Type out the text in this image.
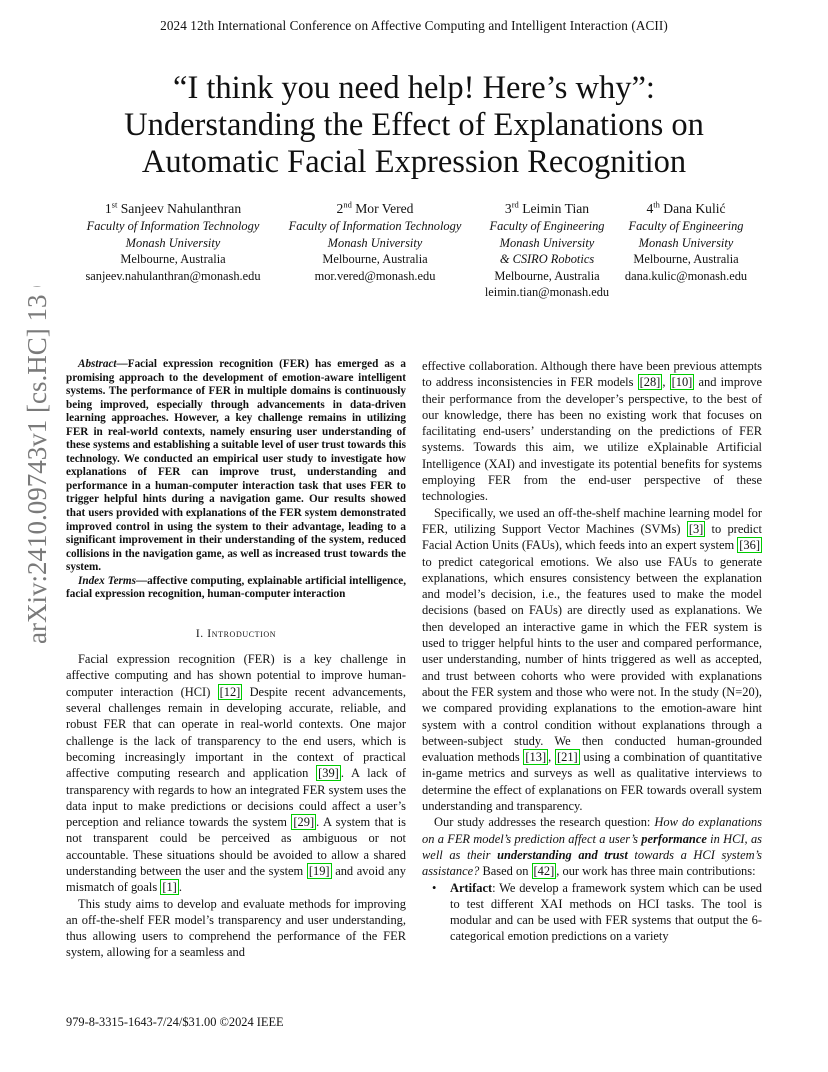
2024 12th International Conference on Affective Computing and Intelligent Interaction (ACII)
arXiv:2410.09743v1 [cs.HC] 13 Oct 2024
“I think you need help! Here’s why”:
Understanding the Effect of Explanations on
Automatic Facial Expression Recognition
1st Sanjeev Nahulanthran
Faculty of Information Technology
Monash University
Melbourne, Australia
sanjeev.nahulanthran@monash.edu
2nd Mor Vered
Faculty of Information Technology
Monash University
Melbourne, Australia
mor.vered@monash.edu
3rd Leimin Tian
Faculty of Engineering
Monash University
& CSIRO Robotics
Melbourne, Australia
leimin.tian@monash.edu
4th Dana Kulić
Faculty of Engineering
Monash University
Melbourne, Australia
dana.kulic@monash.edu

Abstract—Facial expression recognition (FER) has emerged as a promising approach to the development of emotion-aware intelligent systems. The performance of FER in multiple domains is continuously being improved, especially through advancements in data-driven learning approaches. However, a key challenge remains in utilizing FER in real-world contexts, namely ensuring user understanding of these systems and establishing a suitable level of user trust towards this technology. We conducted an empirical user study to investigate how explanations of FER can improve trust, understanding and performance in a human-computer interaction task that uses FER to trigger helpful hints during a navigation game. Our results showed that users provided with explanations of the FER system demonstrated improved control in using the system to their advantage, leading to a significant improvement in their understanding of the system, reduced collisions in the navigation game, as well as increased trust towards the system.

Index Terms—affective computing, explainable artificial intelligence, facial expression recognition, human-computer interaction
I. Introduction

Facial expression recognition (FER) is a key challenge in affective computing and has shown potential to improve human-computer interaction (HCI) [12] Despite recent advancements, several challenges remain in developing accurate, reliable, and robust FER that can operate in real-world contexts. One major challenge is the lack of transparency to the end users, which is becoming increasingly important in the context of practical affective computing research and application [39] . A lack of transparency with regards to how an integrated FER system uses the data input to make predictions or decisions could affect a user’s perception and reliance towards the system [29] . A system that is not transparent could be perceived as ambiguous or not accountable. These situations should be avoided to allow a shared understanding between the user and the system [19] and avoid any mismatch of goals [1] .

This study aims to develop and evaluate methods for improving an off-the-shelf FER model’s transparency and user understanding, thus allowing users to comprehend the performance of the FER system, allowing for a seamless and

effective collaboration. Although there have been previous attempts to address inconsistencies in FER models [28] , [10] and improve their performance from the developer’s perspective, to the best of our knowledge, there has been no existing work that focuses on facilitating end-users’ understanding on the predictions of FER systems. Towards this aim, we utilize eXplainable Artificial Intelligence (XAI) and investigate its potential benefits for systems employing FER from the end-user perspective of these technologies.

Specifically, we used an off-the-shelf machine learning model for FER, utilizing Support Vector Machines (SVMs) [3] to predict Facial Action Units (FAUs), which feeds into an expert system [36] to predict categorical emotions. We also use FAUs to generate explanations, which ensures consistency between the explanation and model’s decision, i.e., the features used to make the model decisions (based on FAUs) are directly used as explanations. We then developed an interactive game in which the FER system is used to trigger helpful hints to the user and compared performance, user understanding, number of hints triggered as well as accepted, and trust between cohorts who were provided with explanations about the FER system and those who were not. In the study (N=20), we compared providing explanations to the emotion-aware hint system with a control condition without explanations through a between-subject study. We then conducted human-grounded evaluation methods [13] , [21] using a combination of quantitative in-game metrics and surveys as well as qualitative interviews to determine the effect of explanations on FER towards overall system understanding and transparency.

Our study addresses the research question: How do explanations on a FER model’s prediction affect a user’s performance in HCI, as well as their understanding and trust towards a HCI system’s assistance? Based on [42] , our work has three main contributions:

• Artifact: We develop a framework system which can be used to test different XAI methods on HCI tasks. The tool is modular and can be used with FER systems that output the 6-categorical emotion predictions on a variety
979-8-3315-1643-7/24/$31.00 ©2024 IEEE
